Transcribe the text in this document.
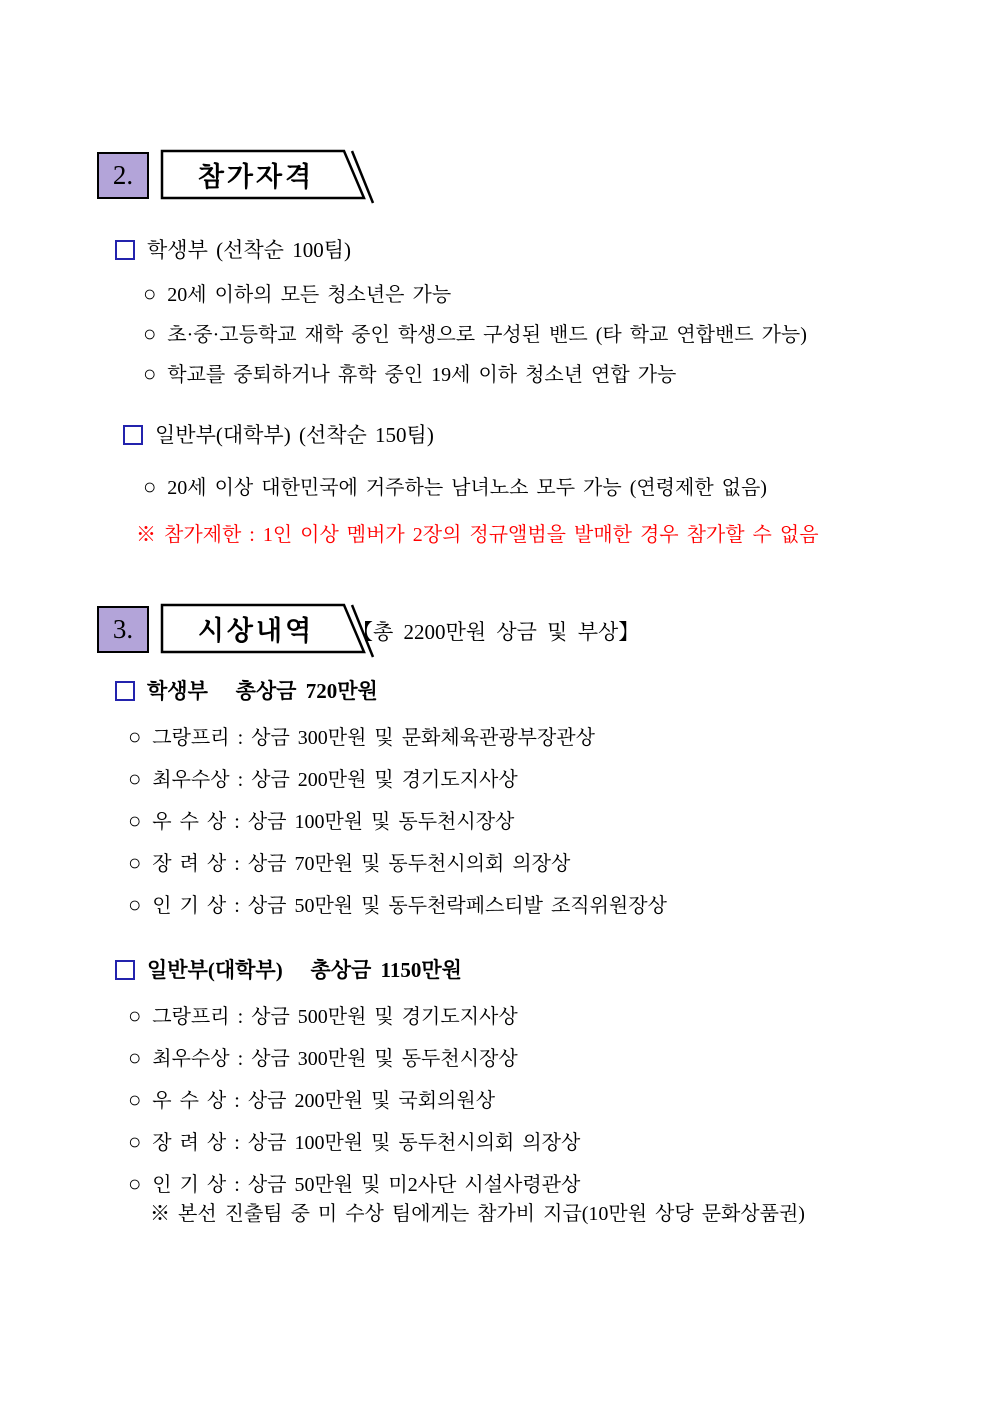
2.	참가자격
학생부 (선착순 100팀)
○ 20세 이하의 모든 청소년은 가능
○ 초·중·고등학교 재학 중인 학생으로 구성된 밴드 (타 학교 연합밴드 가능)
○ 학교를 중퇴하거나 휴학 중인 19세 이하 청소년 연합 가능
일반부(대학부) (선착순 150팀)
○ 20세 이상 대한민국에 거주하는 남녀노소 모두 가능 (연령제한 없음)
※ 참가제한 : 1인 이상 멤버가 2장의 정규앨범을 발매한 경우 참가할 수 없음
3.	시상내역	【총 2200만원 상금 및 부상】
학생부   총상금 720만원
○ 그랑프리 : 상금 300만원 및 문화체육관광부장관상
○ 최우수상 : 상금 200만원 및 경기도지사상
○ 우 수 상 : 상금 100만원 및 동두천시장상
○ 장 려 상 : 상금 70만원 및 동두천시의회 의장상
○ 인 기 상 : 상금 50만원 및 동두천락페스티발 조직위원장상
일반부(대학부)   총상금 1150만원
○ 그랑프리 : 상금 500만원 및 경기도지사상
○ 최우수상 : 상금 300만원 및 동두천시장상
○ 우 수 상 : 상금 200만원 및 국회의원상
○ 장 려 상 : 상금 100만원 및 동두천시의회 의장상
○ 인 기 상 : 상금 50만원 및 미2사단 시설사령관상
※ 본선 진출팀 중 미 수상 팀에게는 참가비 지급(10만원 상당 문화상품권)
